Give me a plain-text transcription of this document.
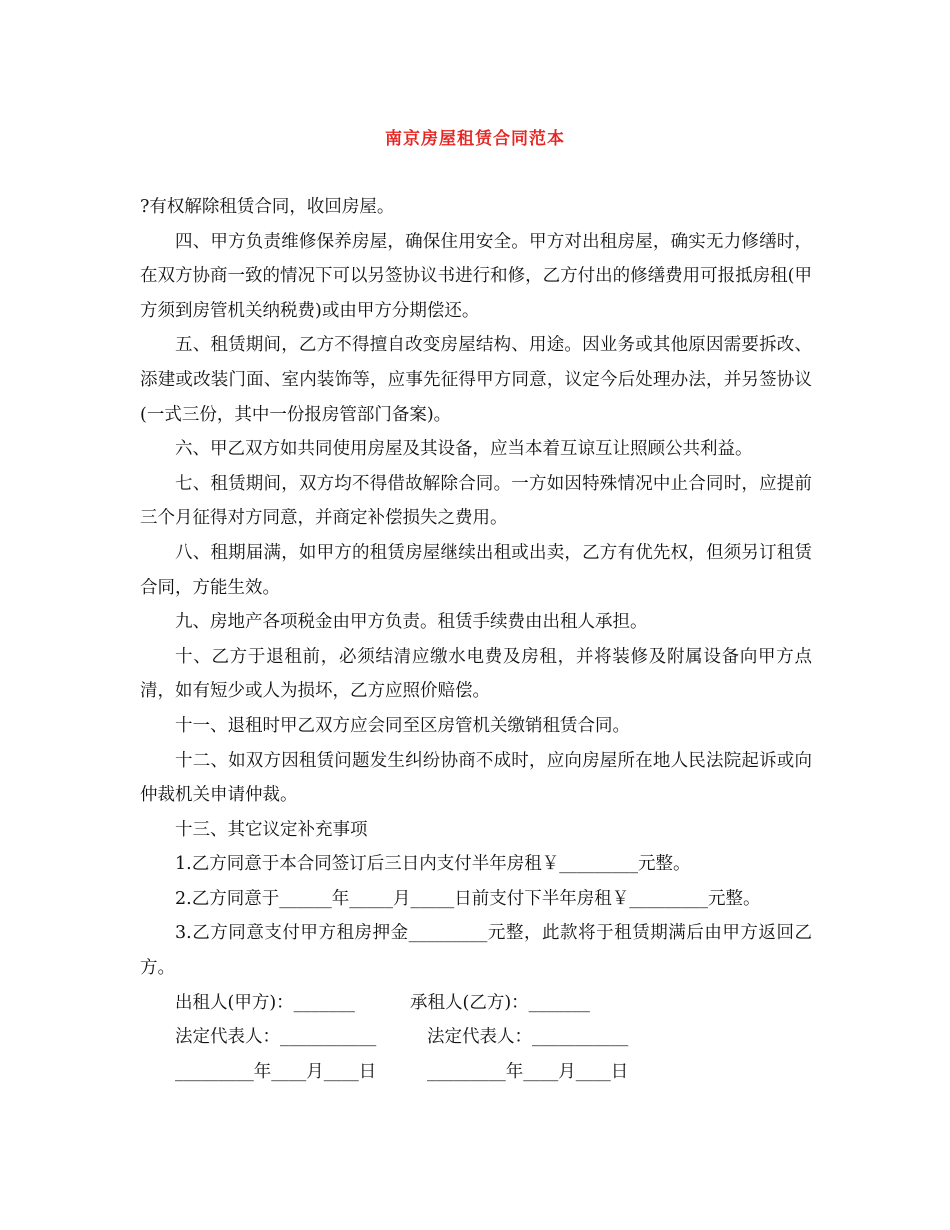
南京房屋租赁合同范本

?有权解除租赁合同，收回房屋。

四、甲方负责维修保养房屋，确保住用安全。甲方对出租房屋，确实无力修缮时，在双方协商一致的情况下可以另签协议书进行和修，乙方付出的修缮费用可报抵房租(甲方须到房管机关纳税费)或由甲方分期偿还。

五、租赁期间，乙方不得擅自改变房屋结构、用途。因业务或其他原因需要拆改、添建或改装门面、室内装饰等，应事先征得甲方同意，议定今后处理办法，并另签协议(一式三份，其中一份报房管部门备案)。

六、甲乙双方如共同使用房屋及其设备，应当本着互谅互让照顾公共利益。

七、租赁期间，双方均不得借故解除合同。一方如因特殊情况中止合同时，应提前三个月征得对方同意，并商定补偿损失之费用。

八、租期届满，如甲方的租赁房屋继续出租或出卖，乙方有优先权，但须另订租赁合同，方能生效。

九、房地产各项税金由甲方负责。租赁手续费由出租人承担。

十、乙方于退租前，必须结清应缴水电费及房租，并将装修及附属设备向甲方点清，如有短少或人为损坏，乙方应照价赔偿。

十一、退租时甲乙双方应会同至区房管机关缴销租赁合同。

十二、如双方因租赁问题发生纠纷协商不成时，应向房屋所在地人民法院起诉或向仲裁机关申请仲裁。

十三、其它议定补充事项

1.乙方同意于本合同签订后三日内支付半年房租￥_________元整。

2.乙方同意于______年_____月_____日前支付下半年房租￥_________元整。

3.乙方同意支付甲方租房押金_________元整，此款将于租赁期满后由甲方返回乙方。

出租人(甲方)：_______	承租人(乙方)：_______
法定代表人：___________	法定代表人：___________
_________年____月____日	_________年____月____日
